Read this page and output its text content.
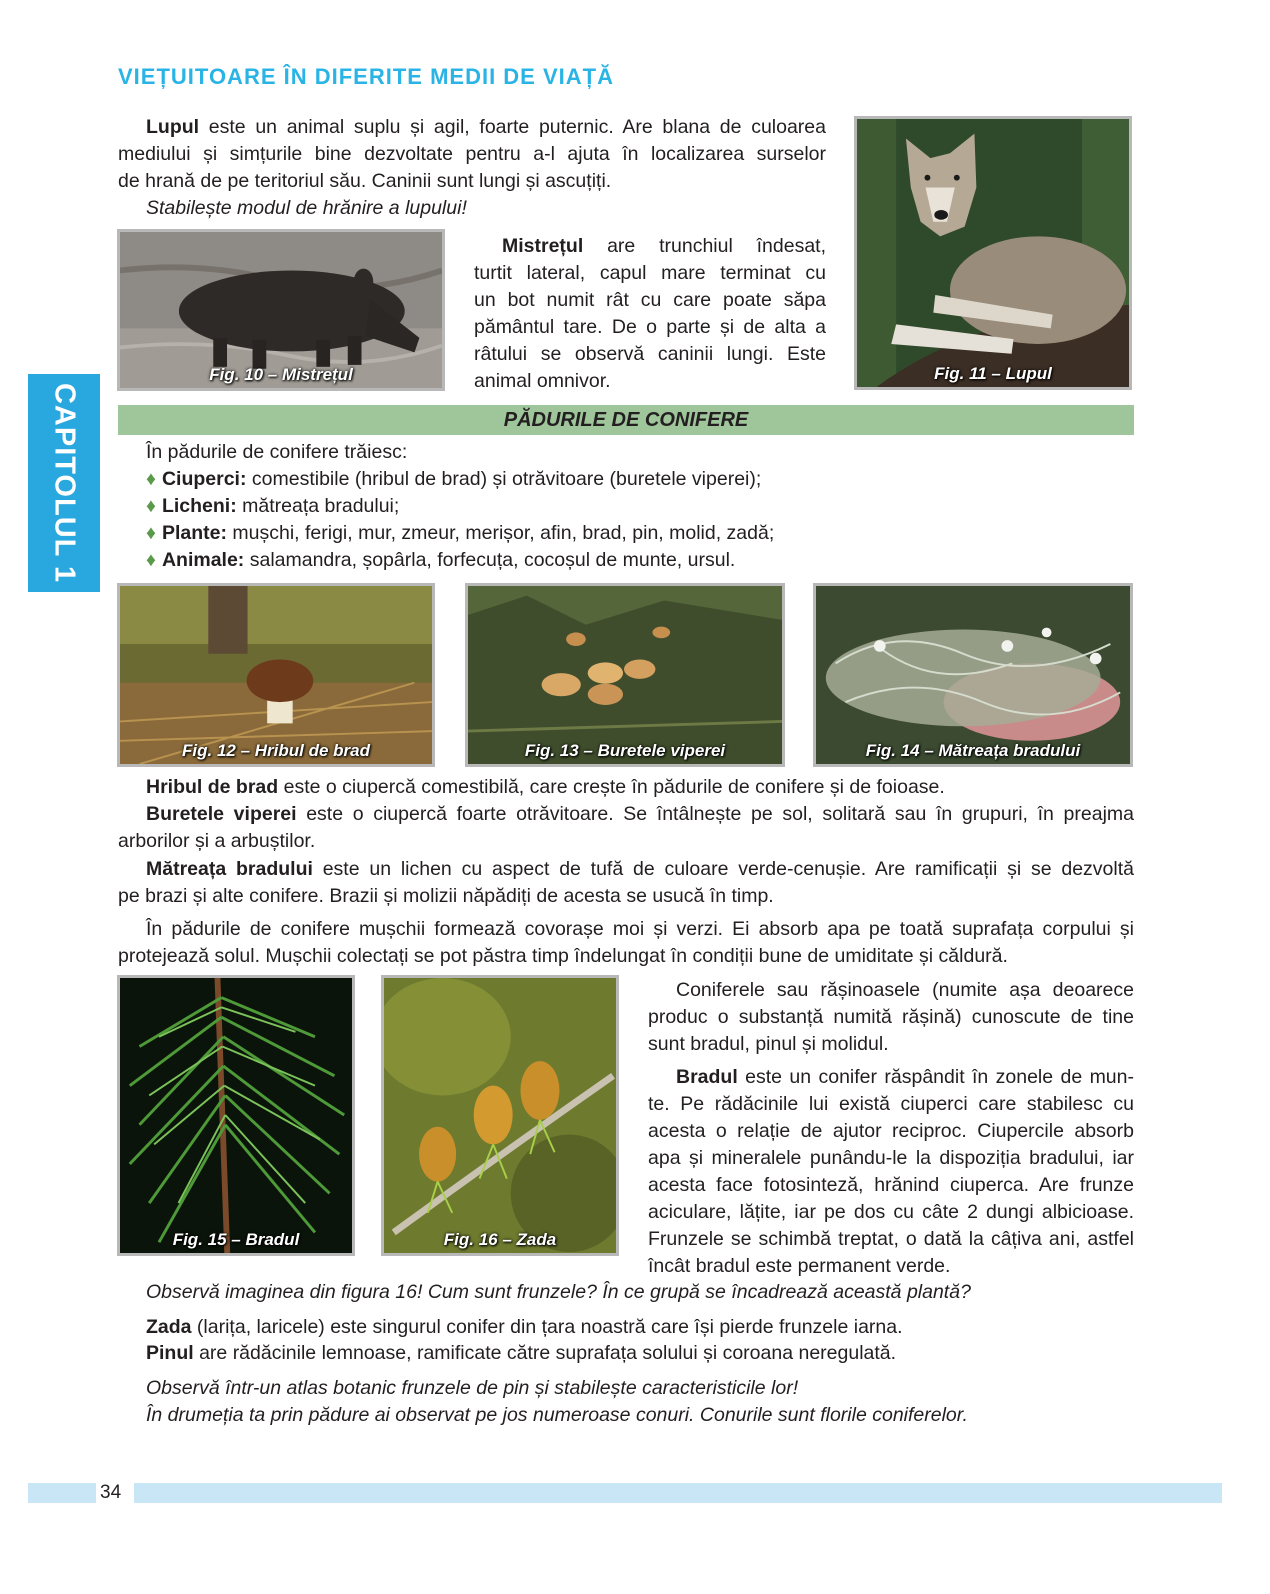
VIEȚUITOARE ÎN DIFERITE MEDII DE VIAȚĂ
CAPITOLUL 1
Lupul este un animal suplu și agil, foarte puternic. Are blana de culoarea
mediului și simțurile bine dezvoltate pentru a-l ajuta în localizarea surselor
de hrană de pe teritoriul său. Caninii sunt lungi și ascuțiți.
Stabilește modul de hrănire a lupului!
Fig. 10 – Mistrețul
Mistrețul are trunchiul îndesat,
turtit lateral, capul mare terminat cu
un bot numit rât cu care poate săpa
pământul tare. De o parte și de alta a
râtului se observă caninii lungi. Este
animal omnivor.	Fig. 11 – Lupul
PĂDURILE DE CONIFERE
În pădurile de conifere trăiesc:
♦ Ciuperci: comestibile (hribul de brad) și otrăvitoare (buretele viperei);
♦ Licheni: mătreața bradului;
♦ Plante: mușchi, ferigi, mur, zmeur, merișor, afin, brad, pin, molid, zadă;
♦ Animale: salamandra, șopârla, forfecuța, cocoșul de munte, ursul.
Fig. 12 – Hribul de brad	Fig. 13 – Buretele viperei	Fig. 14 – Mătreața bradului
Hribul de brad este o ciupercă comestibilă, care crește în pădurile de conifere și de foioase.
Buretele viperei este o ciupercă foarte otrăvitoare. Se întâlnește pe sol, solitară sau în grupuri, în preajma
arborilor și a arbuștilor.
Mătreața bradului este un lichen cu aspect de tufă de culoare verde-cenușie. Are ramificații și se dezvoltă
pe brazi și alte conifere. Brazii și molizii năpădiți de acesta se usucă în timp.
În pădurile de conifere mușchii formează covorașe moi și verzi. Ei absorb apa pe toată suprafața corpului și
protejează solul. Mușchii colectați se pot păstra timp îndelungat în condiții bune de umiditate și căldură.
Fig. 15 – Bradul	Fig. 16 – Zada
Coniferele sau rășinoasele (numite așa deoarece
produc o substanță numită rășină) cunoscute de tine
sunt bradul, pinul și molidul.
Bradul este un conifer răspândit în zonele de mun-
te. Pe rădăcinile lui există ciuperci care stabilesc cu
acesta o relație de ajutor reciproc. Ciupercile absorb
apa și mineralele punându-le la dispoziția bradului, iar
acesta face fotosinteză, hrănind ciuperca. Are frunze
aciculare, lățite, iar pe dos cu câte 2 dungi albicioase.
Frunzele se schimbă treptat, o dată la câțiva ani, astfel
încât bradul este permanent verde.
Observă imaginea din figura 16! Cum sunt frunzele? În ce grupă se încadrează această plantă?
Zada (larița, laricele) este singurul conifer din țara noastră care își pierde frunzele iarna.
Pinul are rădăcinile lemnoase, ramificate către suprafața solului și coroana neregulată.
Observă într-un atlas botanic frunzele de pin și stabilește caracteristicile lor!
În drumeția ta prin pădure ai observat pe jos numeroase conuri. Conurile sunt florile coniferelor.
34
